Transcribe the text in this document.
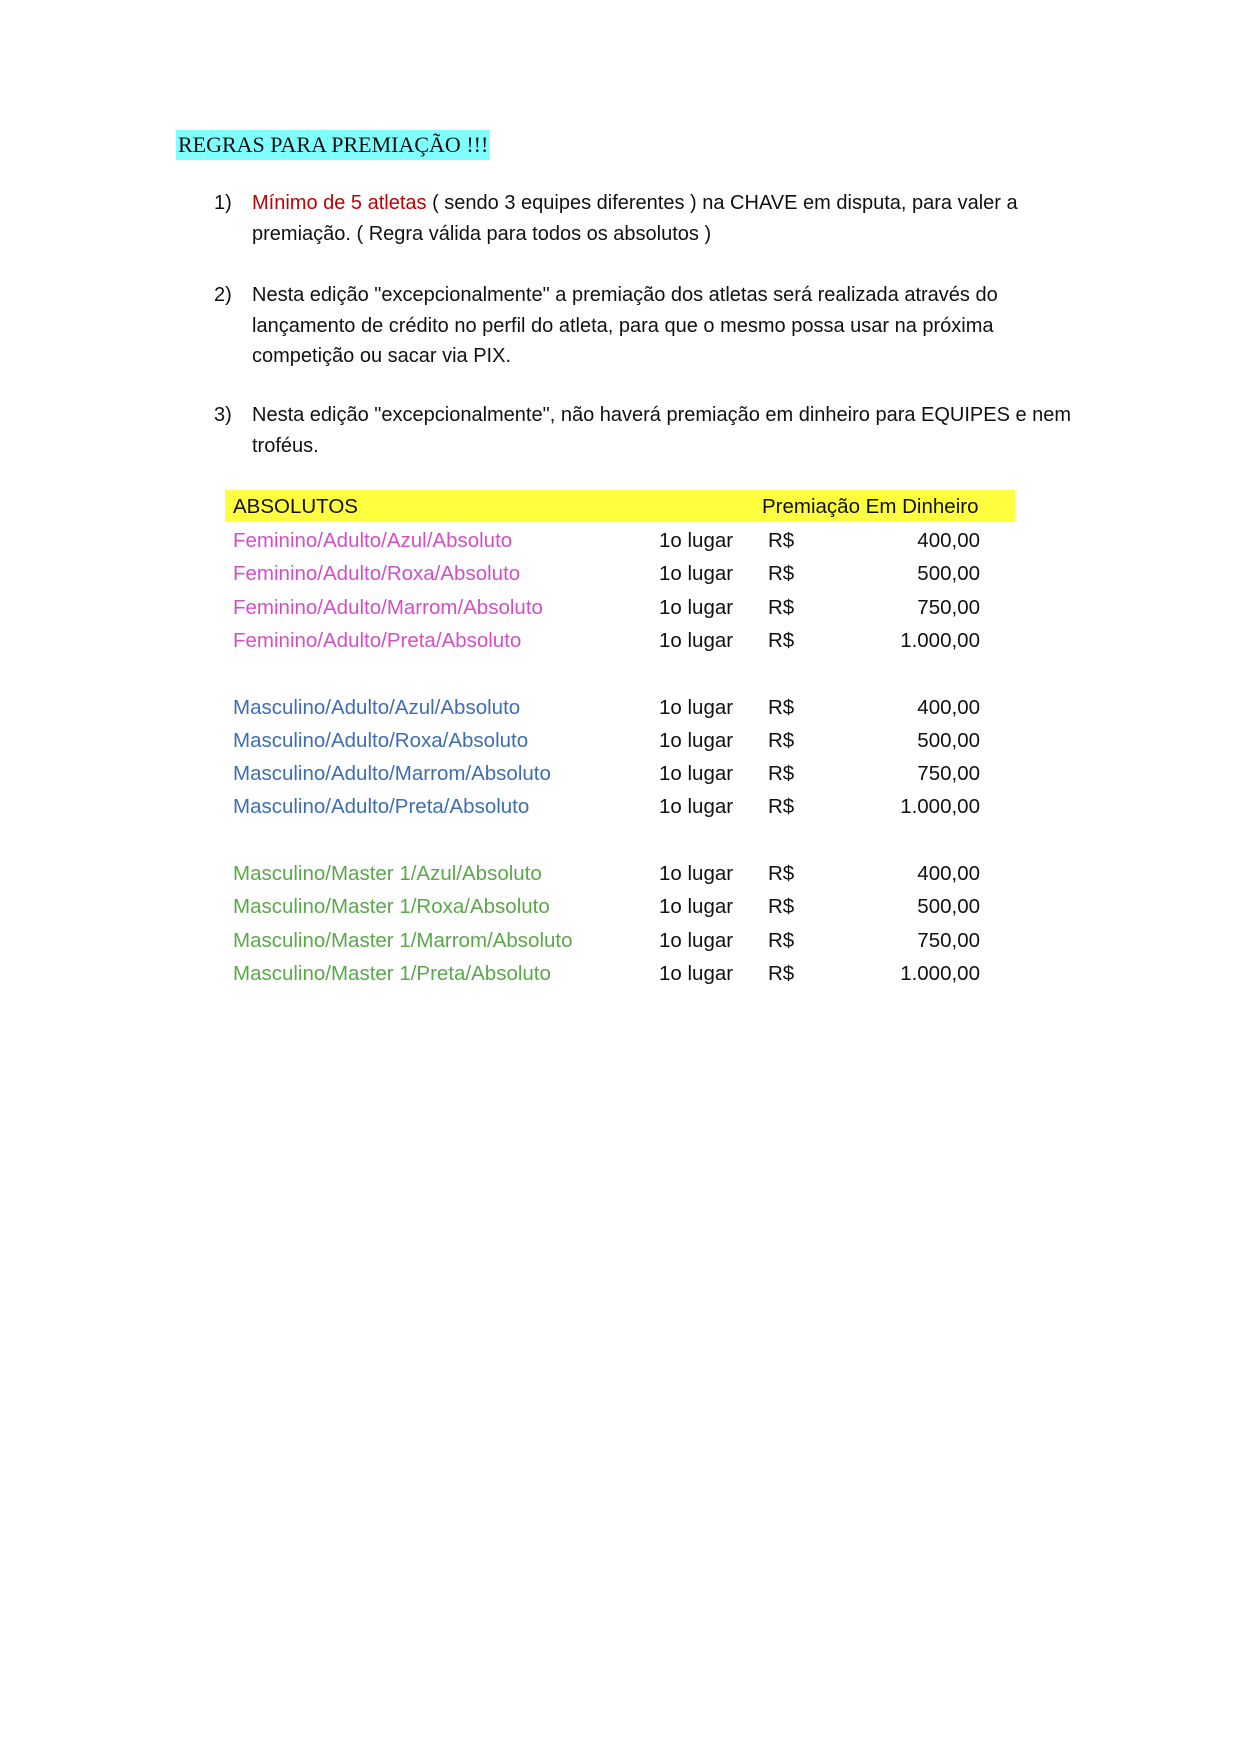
REGRAS PARA PREMIAÇÃO !!!
1)	Mínimo de 5 atletas ( sendo 3 equipes diferentes ) na CHAVE em disputa, para valer a premiação. ( Regra válida para todos os absolutos )
2)	Nesta edição "excepcionalmente" a premiação dos atletas será realizada através do lançamento de crédito no perfil do atleta, para que o mesmo possa usar na próxima competição ou sacar via PIX.
3)	Nesta edição "excepcionalmente", não haverá premiação em dinheiro para EQUIPES e nem troféus.
ABSOLUTOS	Premiação Em Dinheiro
Feminino/Adulto/Azul/Absoluto	1o lugar R$	400,00
Feminino/Adulto/Roxa/Absoluto	1o lugar R$	500,00
Feminino/Adulto/Marrom/Absoluto	1o lugar R$	750,00
Feminino/Adulto/Preta/Absoluto	1o lugar R$	1.000,00
Masculino/Adulto/Azul/Absoluto	1o lugar R$	400,00
Masculino/Adulto/Roxa/Absoluto	1o lugar R$	500,00
Masculino/Adulto/Marrom/Absoluto	1o lugar R$	750,00
Masculino/Adulto/Preta/Absoluto	1o lugar R$	1.000,00
Masculino/Master 1/Azul/Absoluto	1o lugar R$	400,00
Masculino/Master 1/Roxa/Absoluto	1o lugar R$	500,00
Masculino/Master 1/Marrom/Absoluto	1o lugar R$	750,00
Masculino/Master 1/Preta/Absoluto	1o lugar R$	1.000,00
